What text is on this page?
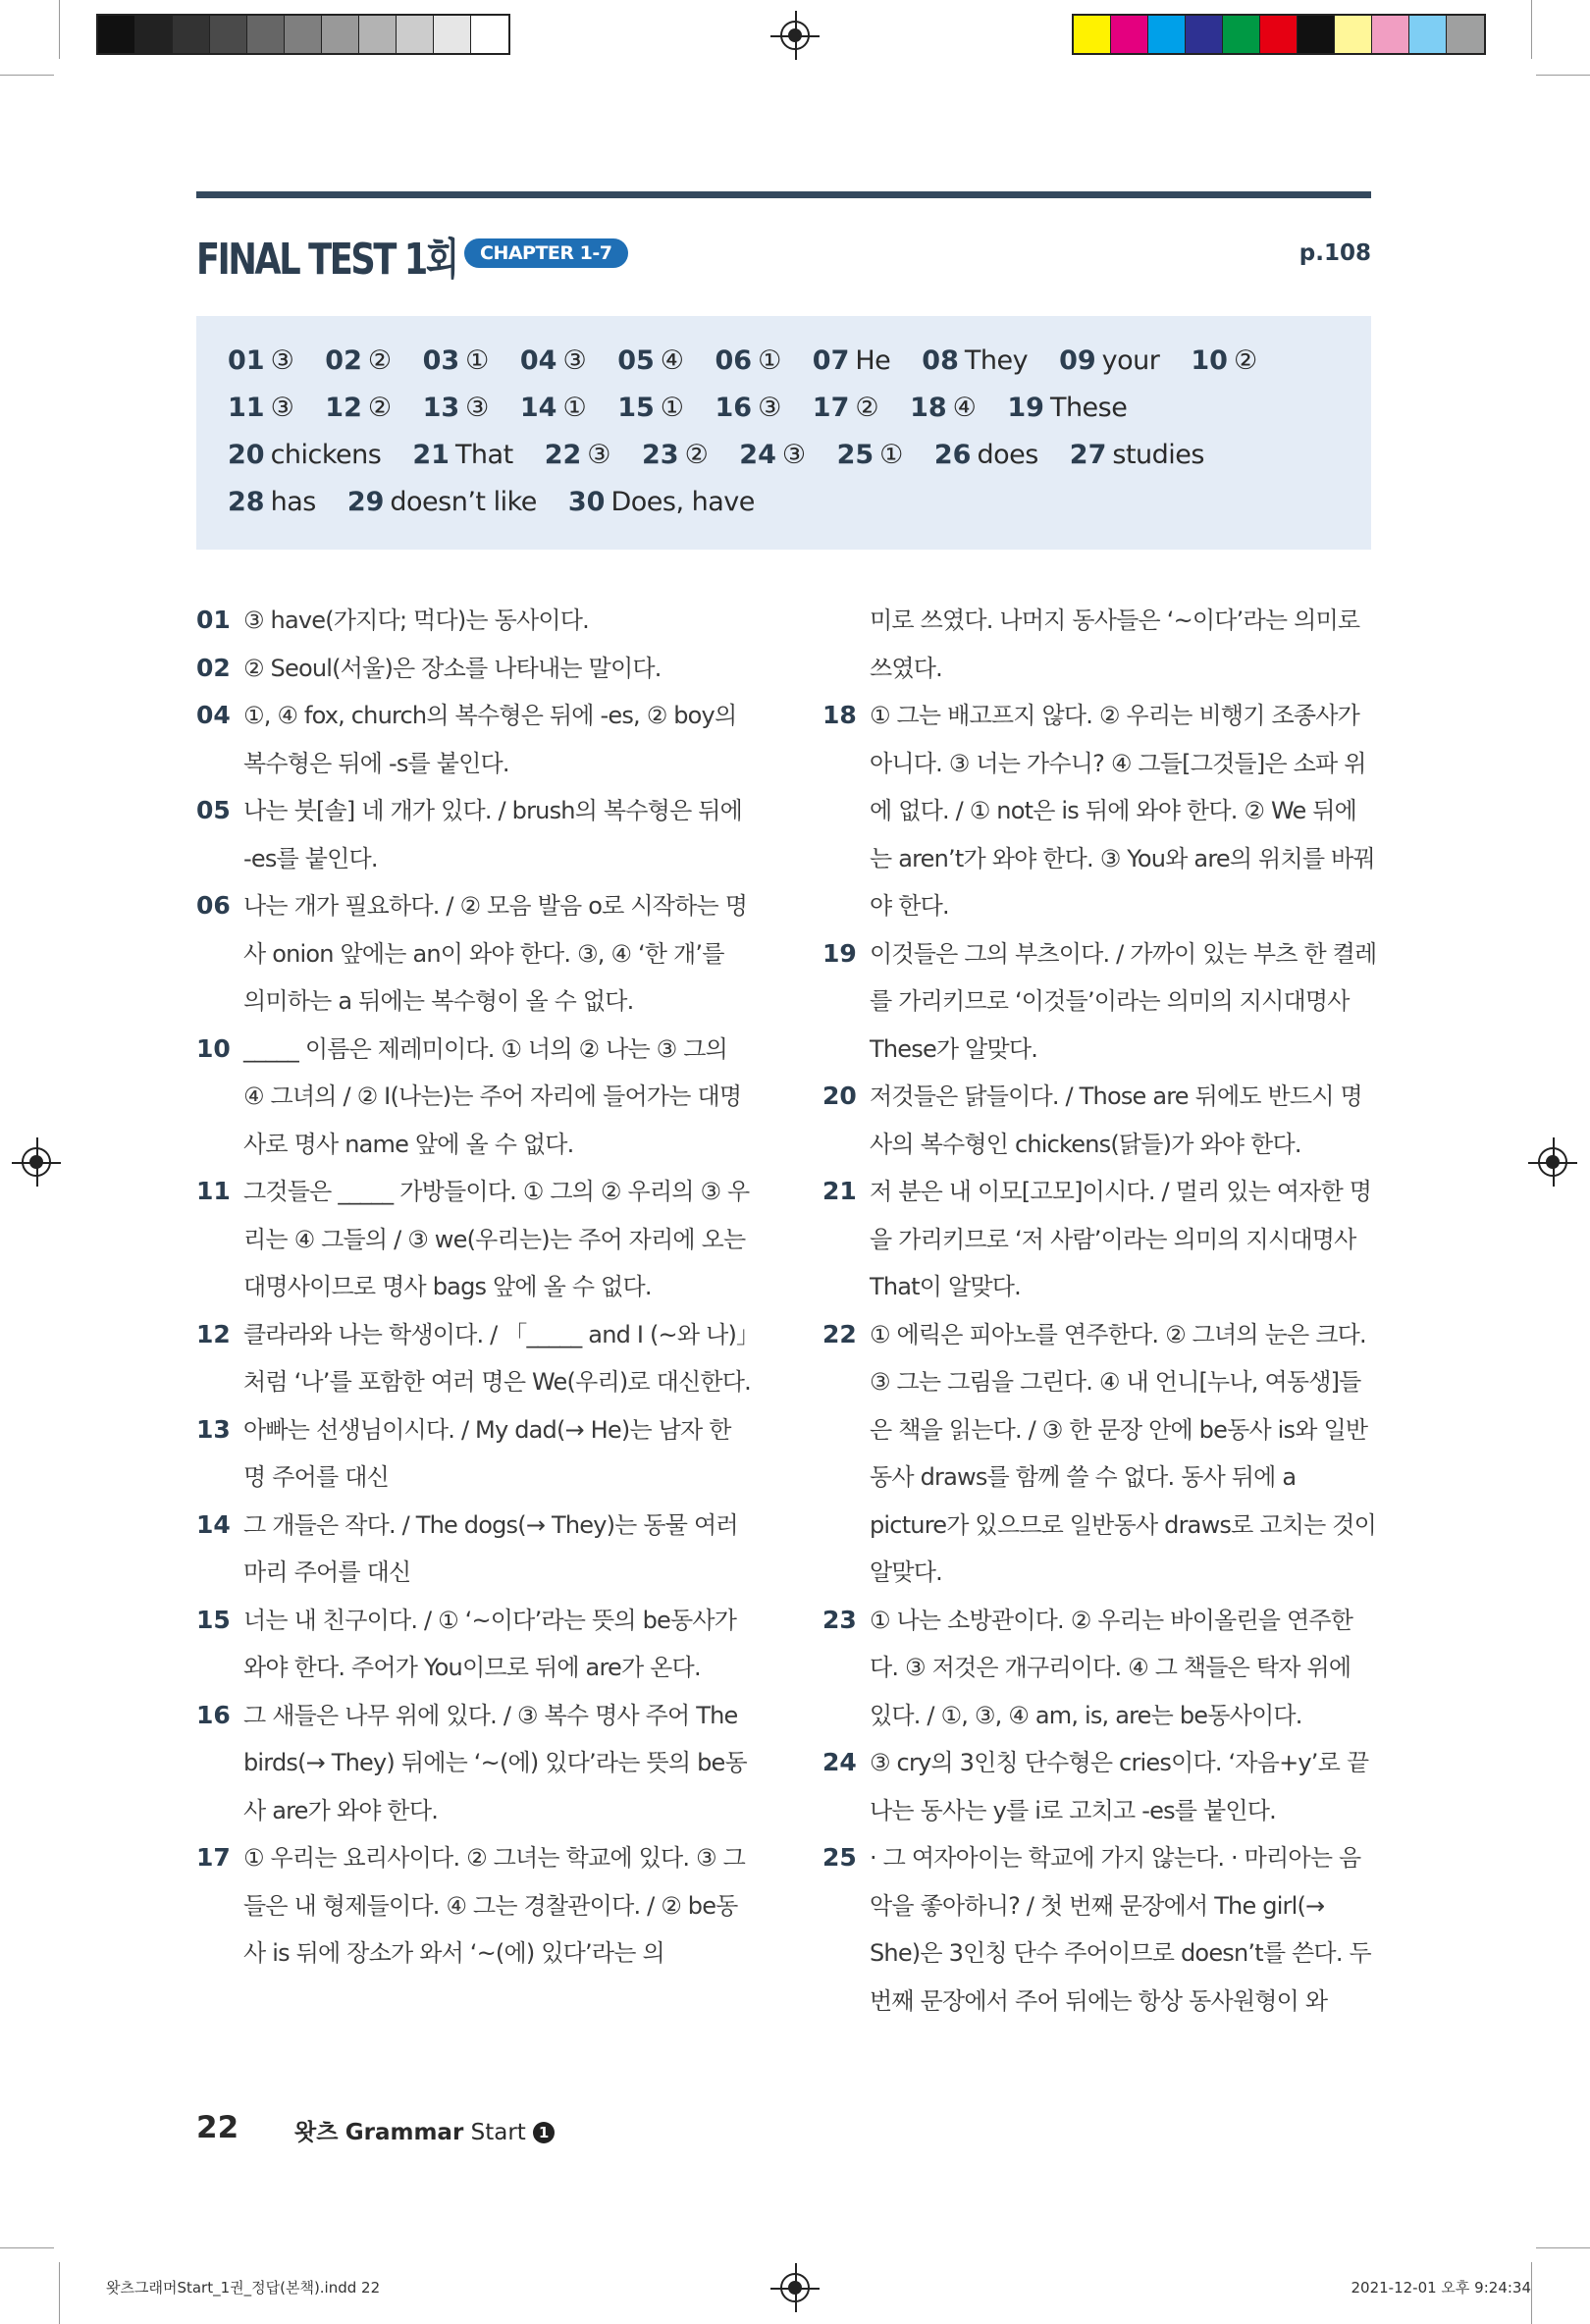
FINAL TEST 1회	CHAPTER 1-7	p.108
01 ③ 02 ② 03 ① 04 ③ 05 ④ 06 ① 07 He 08 They 09 your 10 ②
11 ③ 12 ② 13 ③ 14 ① 15 ① 16 ③ 17 ② 18 ④ 19 These
20 chickens 21 That 22 ③ 23 ② 24 ③ 25 ① 26 does 27 studies
28 has 29 doesn’t like 30 Does, have
01 ③ have(가지다; 먹다)는 동사이다.
02 ② Seoul(서울)은 장소를 나타내는 말이다.
04 ①, ④ fox, church의 복수형은 뒤에 -es, ② boy의 복수형은 뒤에 -s를 붙인다.
05 나는 붓[솔] 네 개가 있다. / brush의 복수형은 뒤에 -es를 붙인다.
06 나는 개가 필요하다. / ② 모음 발음 o로 시작하는 명사 onion 앞에는 an이 와야 한다. ③, ④ ‘한 개’를 의미하는 a 뒤에는 복수형이 올 수 없다.
10 _____ 이름은 제레미이다. ① 너의 ② 나는 ③ 그의 ④ 그녀의 / ② I(나는)는 주어 자리에 들어가는 대명사로 명사 name 앞에 올 수 없다.
11 그것들은 _____ 가방들이다. ① 그의 ② 우리의 ③ 우리는 ④ 그들의 / ③ we(우리는)는 주어 자리에 오는 대명사이므로 명사 bags 앞에 올 수 없다.
12 클라라와 나는 학생이다. / 「_____ and I (~와 나)」처럼 ‘나’를 포함한 여러 명은 We(우리)로 대신한다.
13 아빠는 선생님이시다. / My dad(→ He)는 남자 한 명 주어를 대신
14 그 개들은 작다. / The dogs(→ They)는 동물 여러 마리 주어를 대신
15 너는 내 친구이다. / ① ‘~이다’라는 뜻의 be동사가 와야 한다. 주어가 You이므로 뒤에 are가 온다.
16 그 새들은 나무 위에 있다. / ③ 복수 명사 주어 The birds(→ They) 뒤에는 ‘~(에) 있다’라는 뜻의 be동사 are가 와야 한다.
17 ① 우리는 요리사이다. ② 그녀는 학교에 있다. ③ 그들은 내 형제들이다. ④ 그는 경찰관이다. / ② be동사 is 뒤에 장소가 와서 ‘~(에) 있다’라는 의
미로 쓰였다. 나머지 동사들은 ‘~이다’라는 의미로 쓰였다.
18 ① 그는 배고프지 않다. ② 우리는 비행기 조종사가 아니다. ③ 너는 가수니? ④ 그들[그것들]은 소파 위에 없다. / ① not은 is 뒤에 와야 한다. ② We 뒤에는 aren’t가 와야 한다. ③ You와 are의 위치를 바꿔야 한다.
19 이것들은 그의 부츠이다. / 가까이 있는 부츠 한 켤레를 가리키므로 ‘이것들’이라는 의미의 지시대명사 These가 알맞다.
20 저것들은 닭들이다. / Those are 뒤에도 반드시 명사의 복수형인 chickens(닭들)가 와야 한다.
21 저 분은 내 이모[고모]이시다. / 멀리 있는 여자한 명을 가리키므로 ‘저 사람’이라는 의미의 지시대명사 That이 알맞다.
22 ① 에릭은 피아노를 연주한다. ② 그녀의 눈은 크다. ③ 그는 그림을 그린다. ④ 내 언니[누나, 여동생]들은 책을 읽는다. / ③ 한 문장 안에 be동사 is와 일반동사 draws를 함께 쓸 수 없다. 동사 뒤에 a picture가 있으므로 일반동사 draws로 고치는 것이 알맞다.
23 ① 나는 소방관이다. ② 우리는 바이올린을 연주한다. ③ 저것은 개구리이다. ④ 그 책들은 탁자 위에 있다. / ①, ③, ④ am, is, are는 be동사이다.
24 ③ cry의 3인칭 단수형은 cries이다. ‘자음+y’로 끝나는 동사는 y를 i로 고치고 -es를 붙인다.
25 · 그 여자아이는 학교에 가지 않는다. · 마리아는 음악을 좋아하니? / 첫 번째 문장에서 The girl(→ She)은 3인칭 단수 주어이므로 doesn’t를 쓴다. 두 번째 문장에서 주어 뒤에는 항상 동사원형이 와
22 왓츠 Grammar Start 1
왓츠그래머Start_1권_정답(본책).indd 22	2021-12-01 오후 9:24:34
